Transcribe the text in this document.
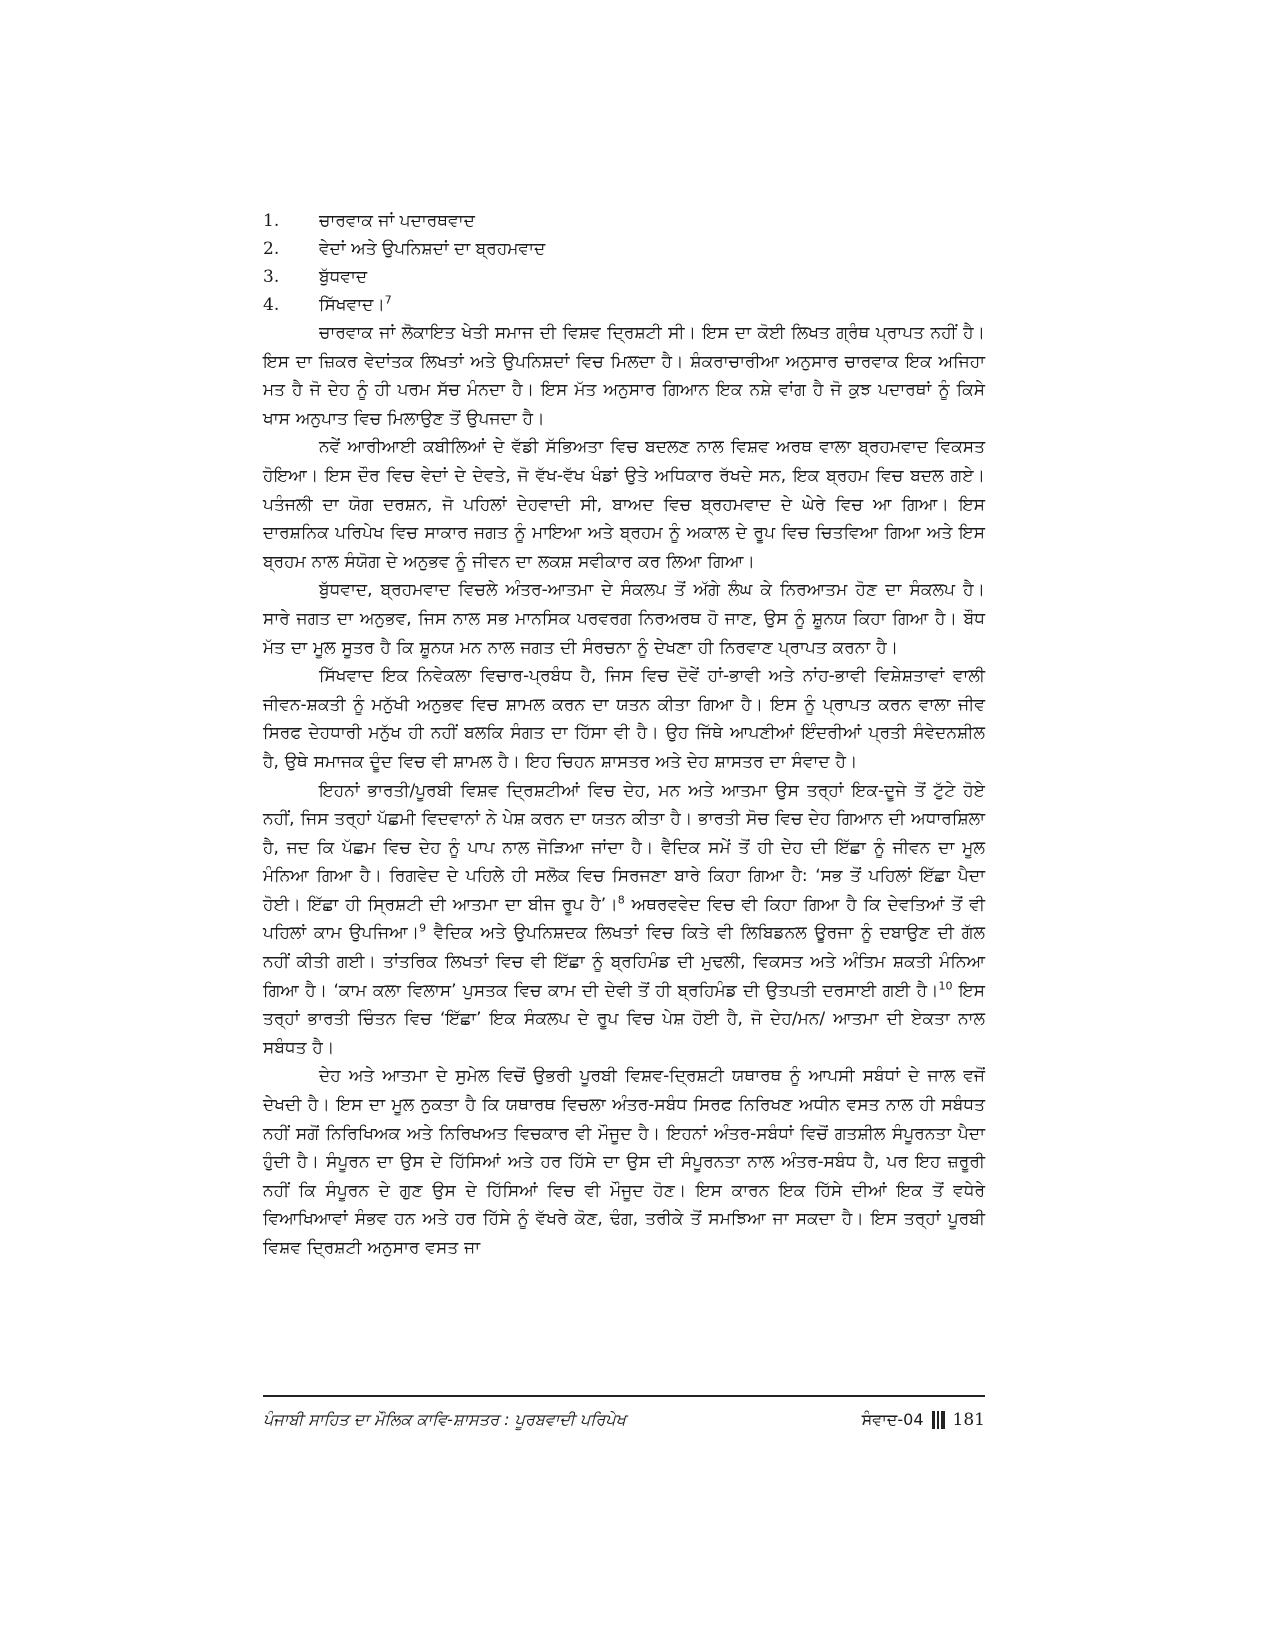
1.	ਚਾਰਵਾਕ ਜਾਂ ਪਦਾਰਥਵਾਦ
2.	ਵੇਦਾਂ ਅਤੇ ਉਪਨਿਸ਼ਦਾਂ ਦਾ ਬ੍ਰਹਮਵਾਦ
3.	ਬੁੱਧਵਾਦ
4.	ਸਿੱਖਵਾਦ।$^7$

ਚਾਰਵਾਕ ਜਾਂ ਲੋਕਾਇਤ ਖੇਤੀ ਸਮਾਜ ਦੀ ਵਿਸ਼ਵ ਦ੍ਰਿਸ਼ਟੀ ਸੀ। ਇਸ ਦਾ ਕੋਈ ਲਿਖਤ ਗ੍ਰੰਥ ਪ੍ਰਾਪਤ ਨਹੀਂ ਹੈ। ਇਸ ਦਾ ਜ਼ਿਕਰ ਵੇਦਾਂਤਕ ਲਿਖਤਾਂ ਅਤੇ ਉਪਨਿਸ਼ਦਾਂ ਵਿਚ ਮਿਲਦਾ ਹੈ। ਸ਼ੰਕਰਾਚਾਰੀਆ ਅਨੁਸਾਰ ਚਾਰਵਾਕ ਇਕ ਅਜਿਹਾ ਮਤ ਹੈ ਜੋ ਦੇਹ ਨੂੰ ਹੀ ਪਰਮ ਸੱਚ ਮੰਨਦਾ ਹੈ। ਇਸ ਮੱਤ ਅਨੁਸਾਰ ਗਿਆਨ ਇਕ ਨਸ਼ੇ ਵਾਂਗ ਹੈ ਜੋ ਕੁਝ ਪਦਾਰਥਾਂ ਨੂੰ ਕਿਸੇ ਖਾਸ ਅਨੁਪਾਤ ਵਿਚ ਮਿਲਾਉਣ ਤੋਂ ਉਪਜਦਾ ਹੈ।

ਨਵੇਂ ਆਰੀਆਈ ਕਬੀਲਿਆਂ ਦੇ ਵੱਡੀ ਸੱਭਿਅਤਾ ਵਿਚ ਬਦਲਣ ਨਾਲ ਵਿਸ਼ਵ ਅਰਥ ਵਾਲਾ ਬ੍ਰਹਮਵਾਦ ਵਿਕਸਤ ਹੋਇਆ। ਇਸ ਦੌਰ ਵਿਚ ਵੇਦਾਂ ਦੇ ਦੇਵਤੇ, ਜੋ ਵੱਖ-ਵੱਖ ਖੰਡਾਂ ਉਤੇ ਅਧਿਕਾਰ ਰੱਖਦੇ ਸਨ, ਇਕ ਬ੍ਰਹਮ ਵਿਚ ਬਦਲ ਗਏ। ਪਤੰਜਲੀ ਦਾ ਯੋਗ ਦਰਸ਼ਨ, ਜੋ ਪਹਿਲਾਂ ਦੇਹਵਾਦੀ ਸੀ, ਬਾਅਦ ਵਿਚ ਬ੍ਰਹਮਵਾਦ ਦੇ ਘੇਰੇ ਵਿਚ ਆ ਗਿਆ। ਇਸ ਦਾਰਸ਼ਨਿਕ ਪਰਿਪੇਖ ਵਿਚ ਸਾਕਾਰ ਜਗਤ ਨੂੰ ਮਾਇਆ ਅਤੇ ਬ੍ਰਹਮ ਨੂੰ ਅਕਾਲ ਦੇ ਰੂਪ ਵਿਚ ਚਿਤਵਿਆ ਗਿਆ ਅਤੇ ਇਸ ਬ੍ਰਹਮ ਨਾਲ ਸੰਯੋਗ ਦੇ ਅਨੁਭਵ ਨੂੰ ਜੀਵਨ ਦਾ ਲਕਸ਼ ਸਵੀਕਾਰ ਕਰ ਲਿਆ ਗਿਆ।

ਬੁੱਧਵਾਦ, ਬ੍ਰਹਮਵਾਦ ਵਿਚਲੇ ਅੰਤਰ-ਆਤਮਾ ਦੇ ਸੰਕਲਪ ਤੋਂ ਅੱਗੇ ਲੰਘ ਕੇ ਨਿਰਆਤਮ ਹੋਣ ਦਾ ਸੰਕਲਪ ਹੈ। ਸਾਰੇ ਜਗਤ ਦਾ ਅਨੁਭਵ, ਜਿਸ ਨਾਲ ਸਭ ਮਾਨਸਿਕ ਪਰਵਰਗ ਨਿਰਅਰਥ ਹੋ ਜਾਣ, ਉਸ ਨੂੰ ਸ਼ੂਨਯ ਕਿਹਾ ਗਿਆ ਹੈ। ਬੌਧ ਮੱਤ ਦਾ ਮੂਲ ਸੂਤਰ ਹੈ ਕਿ ਸ਼ੂਨਯ ਮਨ ਨਾਲ ਜਗਤ ਦੀ ਸੰਰਚਨਾ ਨੂੰ ਦੇਖਣਾ ਹੀ ਨਿਰਵਾਣ ਪ੍ਰਾਪਤ ਕਰਨਾ ਹੈ।

ਸਿੱਖਵਾਦ ਇਕ ਨਿਵੇਕਲਾ ਵਿਚਾਰ-ਪ੍ਰਬੰਧ ਹੈ, ਜਿਸ ਵਿਚ ਦੋਵੇਂ ਹਾਂ-ਭਾਵੀ ਅਤੇ ਨਾਂਹ-ਭਾਵੀ ਵਿਸ਼ੇਸ਼ਤਾਵਾਂ ਵਾਲੀ ਜੀਵਨ-ਸ਼ਕਤੀ ਨੂੰ ਮਨੁੱਖੀ ਅਨੁਭਵ ਵਿਚ ਸ਼ਾਮਲ ਕਰਨ ਦਾ ਯਤਨ ਕੀਤਾ ਗਿਆ ਹੈ। ਇਸ ਨੂੰ ਪ੍ਰਾਪਤ ਕਰਨ ਵਾਲਾ ਜੀਵ ਸਿਰਫ ਦੇਹਧਾਰੀ ਮਨੁੱਖ ਹੀ ਨਹੀਂ ਬਲਕਿ ਸੰਗਤ ਦਾ ਹਿੱਸਾ ਵੀ ਹੈ। ਉਹ ਜਿੱਥੇ ਆਪਣੀਆਂ ਇੰਦਰੀਆਂ ਪ੍ਰਤੀ ਸੰਵੇਦਨਸ਼ੀਲ ਹੈ, ਉਥੇ ਸਮਾਜਕ ਦੂੰਦ ਵਿਚ ਵੀ ਸ਼ਾਮਲ ਹੈ। ਇਹ ਚਿਹਨ ਸ਼ਾਸਤਰ ਅਤੇ ਦੇਹ ਸ਼ਾਸਤਰ ਦਾ ਸੰਵਾਦ ਹੈ।

ਇਹਨਾਂ ਭਾਰਤੀ/ਪੂਰਬੀ ਵਿਸ਼ਵ ਦ੍ਰਿਸ਼ਟੀਆਂ ਵਿਚ ਦੇਹ, ਮਨ ਅਤੇ ਆਤਮਾ ਉਸ ਤਰ੍ਹਾਂ ਇਕ-ਦੂਜੇ ਤੋਂ ਟੁੱਟੇ ਹੋਏ ਨਹੀਂ, ਜਿਸ ਤਰ੍ਹਾਂ ਪੱਛਮੀ ਵਿਦਵਾਨਾਂ ਨੇ ਪੇਸ਼ ਕਰਨ ਦਾ ਯਤਨ ਕੀਤਾ ਹੈ। ਭਾਰਤੀ ਸੋਚ ਵਿਚ ਦੇਹ ਗਿਆਨ ਦੀ ਅਧਾਰਸ਼ਿਲਾ ਹੈ, ਜਦ ਕਿ ਪੱਛਮ ਵਿਚ ਦੇਹ ਨੂੰ ਪਾਪ ਨਾਲ ਜੋੜਿਆ ਜਾਂਦਾ ਹੈ। ਵੈਦਿਕ ਸਮੇਂ ਤੋਂ ਹੀ ਦੇਹ ਦੀ ਇੱਛਾ ਨੂੰ ਜੀਵਨ ਦਾ ਮੂਲ ਮੰਨਿਆ ਗਿਆ ਹੈ। ਰਿਗਵੇਦ ਦੇ ਪਹਿਲੇ ਹੀ ਸਲੋਕ ਵਿਚ ਸਿਰਜਣਾ ਬਾਰੇ ਕਿਹਾ ਗਿਆ ਹੈ: ‘ਸਭ ਤੋਂ ਪਹਿਲਾਂ ਇੱਛਾ ਪੈਦਾ ਹੋਈ। ਇੱਛਾ ਹੀ ਸ੍ਰਿਸ਼ਟੀ ਦੀ ਆਤਮਾ ਦਾ ਬੀਜ ਰੂਪ ਹੈ’।$^8$ ਅਥਰਵਵੇਦ ਵਿਚ ਵੀ ਕਿਹਾ ਗਿਆ ਹੈ ਕਿ ਦੇਵਤਿਆਂ ਤੋਂ ਵੀ ਪਹਿਲਾਂ ਕਾਮ ਉਪਜਿਆ।$^9$ ਵੈਦਿਕ ਅਤੇ ਉਪਨਿਸ਼ਦਕ ਲਿਖਤਾਂ ਵਿਚ ਕਿਤੇ ਵੀ ਲਿਬਿਡਨਲ ਊਰਜਾ ਨੂੰ ਦਬਾਉਣ ਦੀ ਗੱਲ ਨਹੀਂ ਕੀਤੀ ਗਈ। ਤਾਂਤਰਿਕ ਲਿਖਤਾਂ ਵਿਚ ਵੀ ਇੱਛਾ ਨੂੰ ਬ੍ਰਹਿਮੰਡ ਦੀ ਮੁਢਲੀ, ਵਿਕਸਤ ਅਤੇ ਅੰਤਿਮ ਸ਼ਕਤੀ ਮੰਨਿਆ ਗਿਆ ਹੈ। ‘ਕਾਮ ਕਲਾ ਵਿਲਾਸ’ ਪੁਸਤਕ ਵਿਚ ਕਾਮ ਦੀ ਦੇਵੀ ਤੋਂ ਹੀ ਬ੍ਰਹਿਮੰਡ ਦੀ ਉਤਪਤੀ ਦਰਸਾਈ ਗਈ ਹੈ।$^{10}$ ਇਸ ਤਰ੍ਹਾਂ ਭਾਰਤੀ ਚਿੰਤਨ ਵਿਚ ‘ਇੱਛਾ’ ਇਕ ਸੰਕਲਪ ਦੇ ਰੂਪ ਵਿਚ ਪੇਸ਼ ਹੋਈ ਹੈ, ਜੋ ਦੇਹ/ਮਨ/ ਆਤਮਾ ਦੀ ਏਕਤਾ ਨਾਲ ਸਬੰਧਤ ਹੈ।

ਦੇਹ ਅਤੇ ਆਤਮਾ ਦੇ ਸੁਮੇਲ ਵਿਚੋਂ ਉਭਰੀ ਪੂਰਬੀ ਵਿਸ਼ਵ-ਦ੍ਰਿਸ਼ਟੀ ਯਥਾਰਥ ਨੂੰ ਆਪਸੀ ਸਬੰਧਾਂ ਦੇ ਜਾਲ ਵਜੋਂ ਦੇਖਦੀ ਹੈ। ਇਸ ਦਾ ਮੂਲ ਨੁਕਤਾ ਹੈ ਕਿ ਯਥਾਰਥ ਵਿਚਲਾ ਅੰਤਰ-ਸਬੰਧ ਸਿਰਫ ਨਿਰਿਖਣ ਅਧੀਨ ਵਸਤ ਨਾਲ ਹੀ ਸਬੰਧਤ ਨਹੀਂ ਸਗੋਂ ਨਿਰਿਖਿਅਕ ਅਤੇ ਨਿਰਿਖਅਤ ਵਿਚਕਾਰ ਵੀ ਮੌਜੂਦ ਹੈ। ਇਹਨਾਂ ਅੰਤਰ-ਸਬੰਧਾਂ ਵਿਚੋਂ ਗਤਸ਼ੀਲ ਸੰਪੂਰਨਤਾ ਪੈਦਾ ਹੁੰਦੀ ਹੈ। ਸੰਪੂਰਨ ਦਾ ਉਸ ਦੇ ਹਿੱਸਿਆਂ ਅਤੇ ਹਰ ਹਿੱਸੇ ਦਾ ਉਸ ਦੀ ਸੰਪੂਰਨਤਾ ਨਾਲ ਅੰਤਰ-ਸਬੰਧ ਹੈ, ਪਰ ਇਹ ਜ਼ਰੂਰੀ ਨਹੀਂ ਕਿ ਸੰਪੂਰਨ ਦੇ ਗੁਣ ਉਸ ਦੇ ਹਿੱਸਿਆਂ ਵਿਚ ਵੀ ਮੌਜੂਦ ਹੋਣ। ਇਸ ਕਾਰਨ ਇਕ ਹਿੱਸੇ ਦੀਆਂ ਇਕ ਤੋਂ ਵਧੇਰੇ ਵਿਆਖਿਆਵਾਂ ਸੰਭਵ ਹਨ ਅਤੇ ਹਰ ਹਿੱਸੇ ਨੂੰ ਵੱਖਰੇ ਕੋਣ, ਢੰਗ, ਤਰੀਕੇ ਤੋਂ ਸਮਝਿਆ ਜਾ ਸਕਦਾ ਹੈ। ਇਸ ਤਰ੍ਹਾਂ ਪੂਰਬੀ ਵਿਸ਼ਵ ਦ੍ਰਿਸ਼ਟੀ ਅਨੁਸਾਰ ਵਸਤ ਜਾ

ਪੰਜਾਬੀ ਸਾਹਿਤ ਦਾ ਮੌਲਿਕ ਕਾਵਿ-ਸ਼ਾਸਤਰ : ਪੂਰਬਵਾਦੀ ਪਰਿਪੇਖ	ਸੰਵਾਦ-04 181
